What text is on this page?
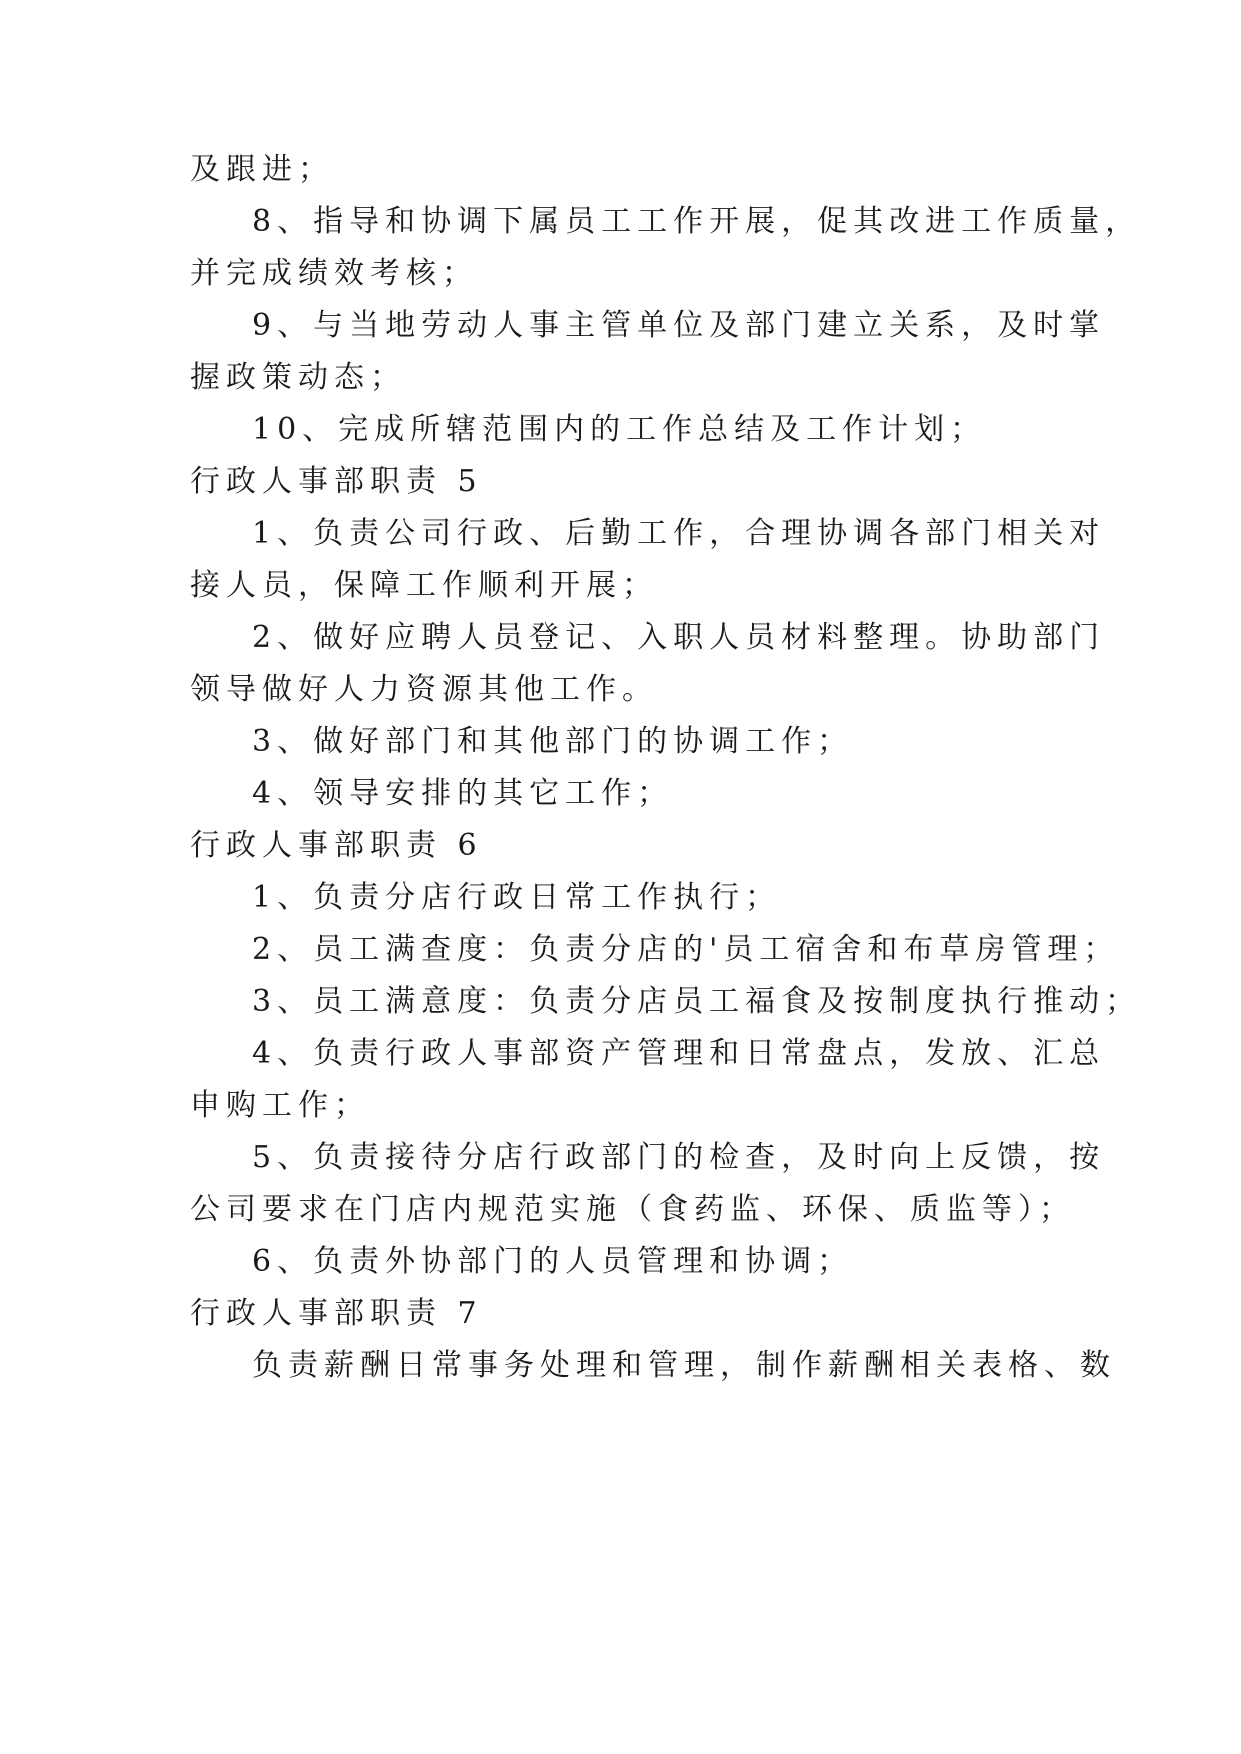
及跟进；
8、指导和协调下属员工工作开展，促其改进工作质量，
并完成绩效考核；
9、与当地劳动人事主管单位及部门建立关系，及时掌
握政策动态；
10、完成所辖范围内的工作总结及工作计划；
行政人事部职责 5
1、负责公司行政、后勤工作，合理协调各部门相关对
接人员，保障工作顺利开展；
2、做好应聘人员登记、入职人员材料整理。协助部门
领导做好人力资源其他工作。
3、做好部门和其他部门的协调工作；
4、领导安排的其它工作；
行政人事部职责 6
1、负责分店行政日常工作执行；
2、员工满查度：负责分店的'员工宿舍和布草房管理；
3、员工满意度：负责分店员工福食及按制度执行推动；
4、负责行政人事部资产管理和日常盘点，发放、汇总
申购工作；
5、负责接待分店行政部门的检查，及时向上反馈，按
公司要求在门店内规范实施（食药监、环保、质监等）；
6、负责外协部门的人员管理和协调；
行政人事部职责 7
负责薪酬日常事务处理和管理，制作薪酬相关表格、数
